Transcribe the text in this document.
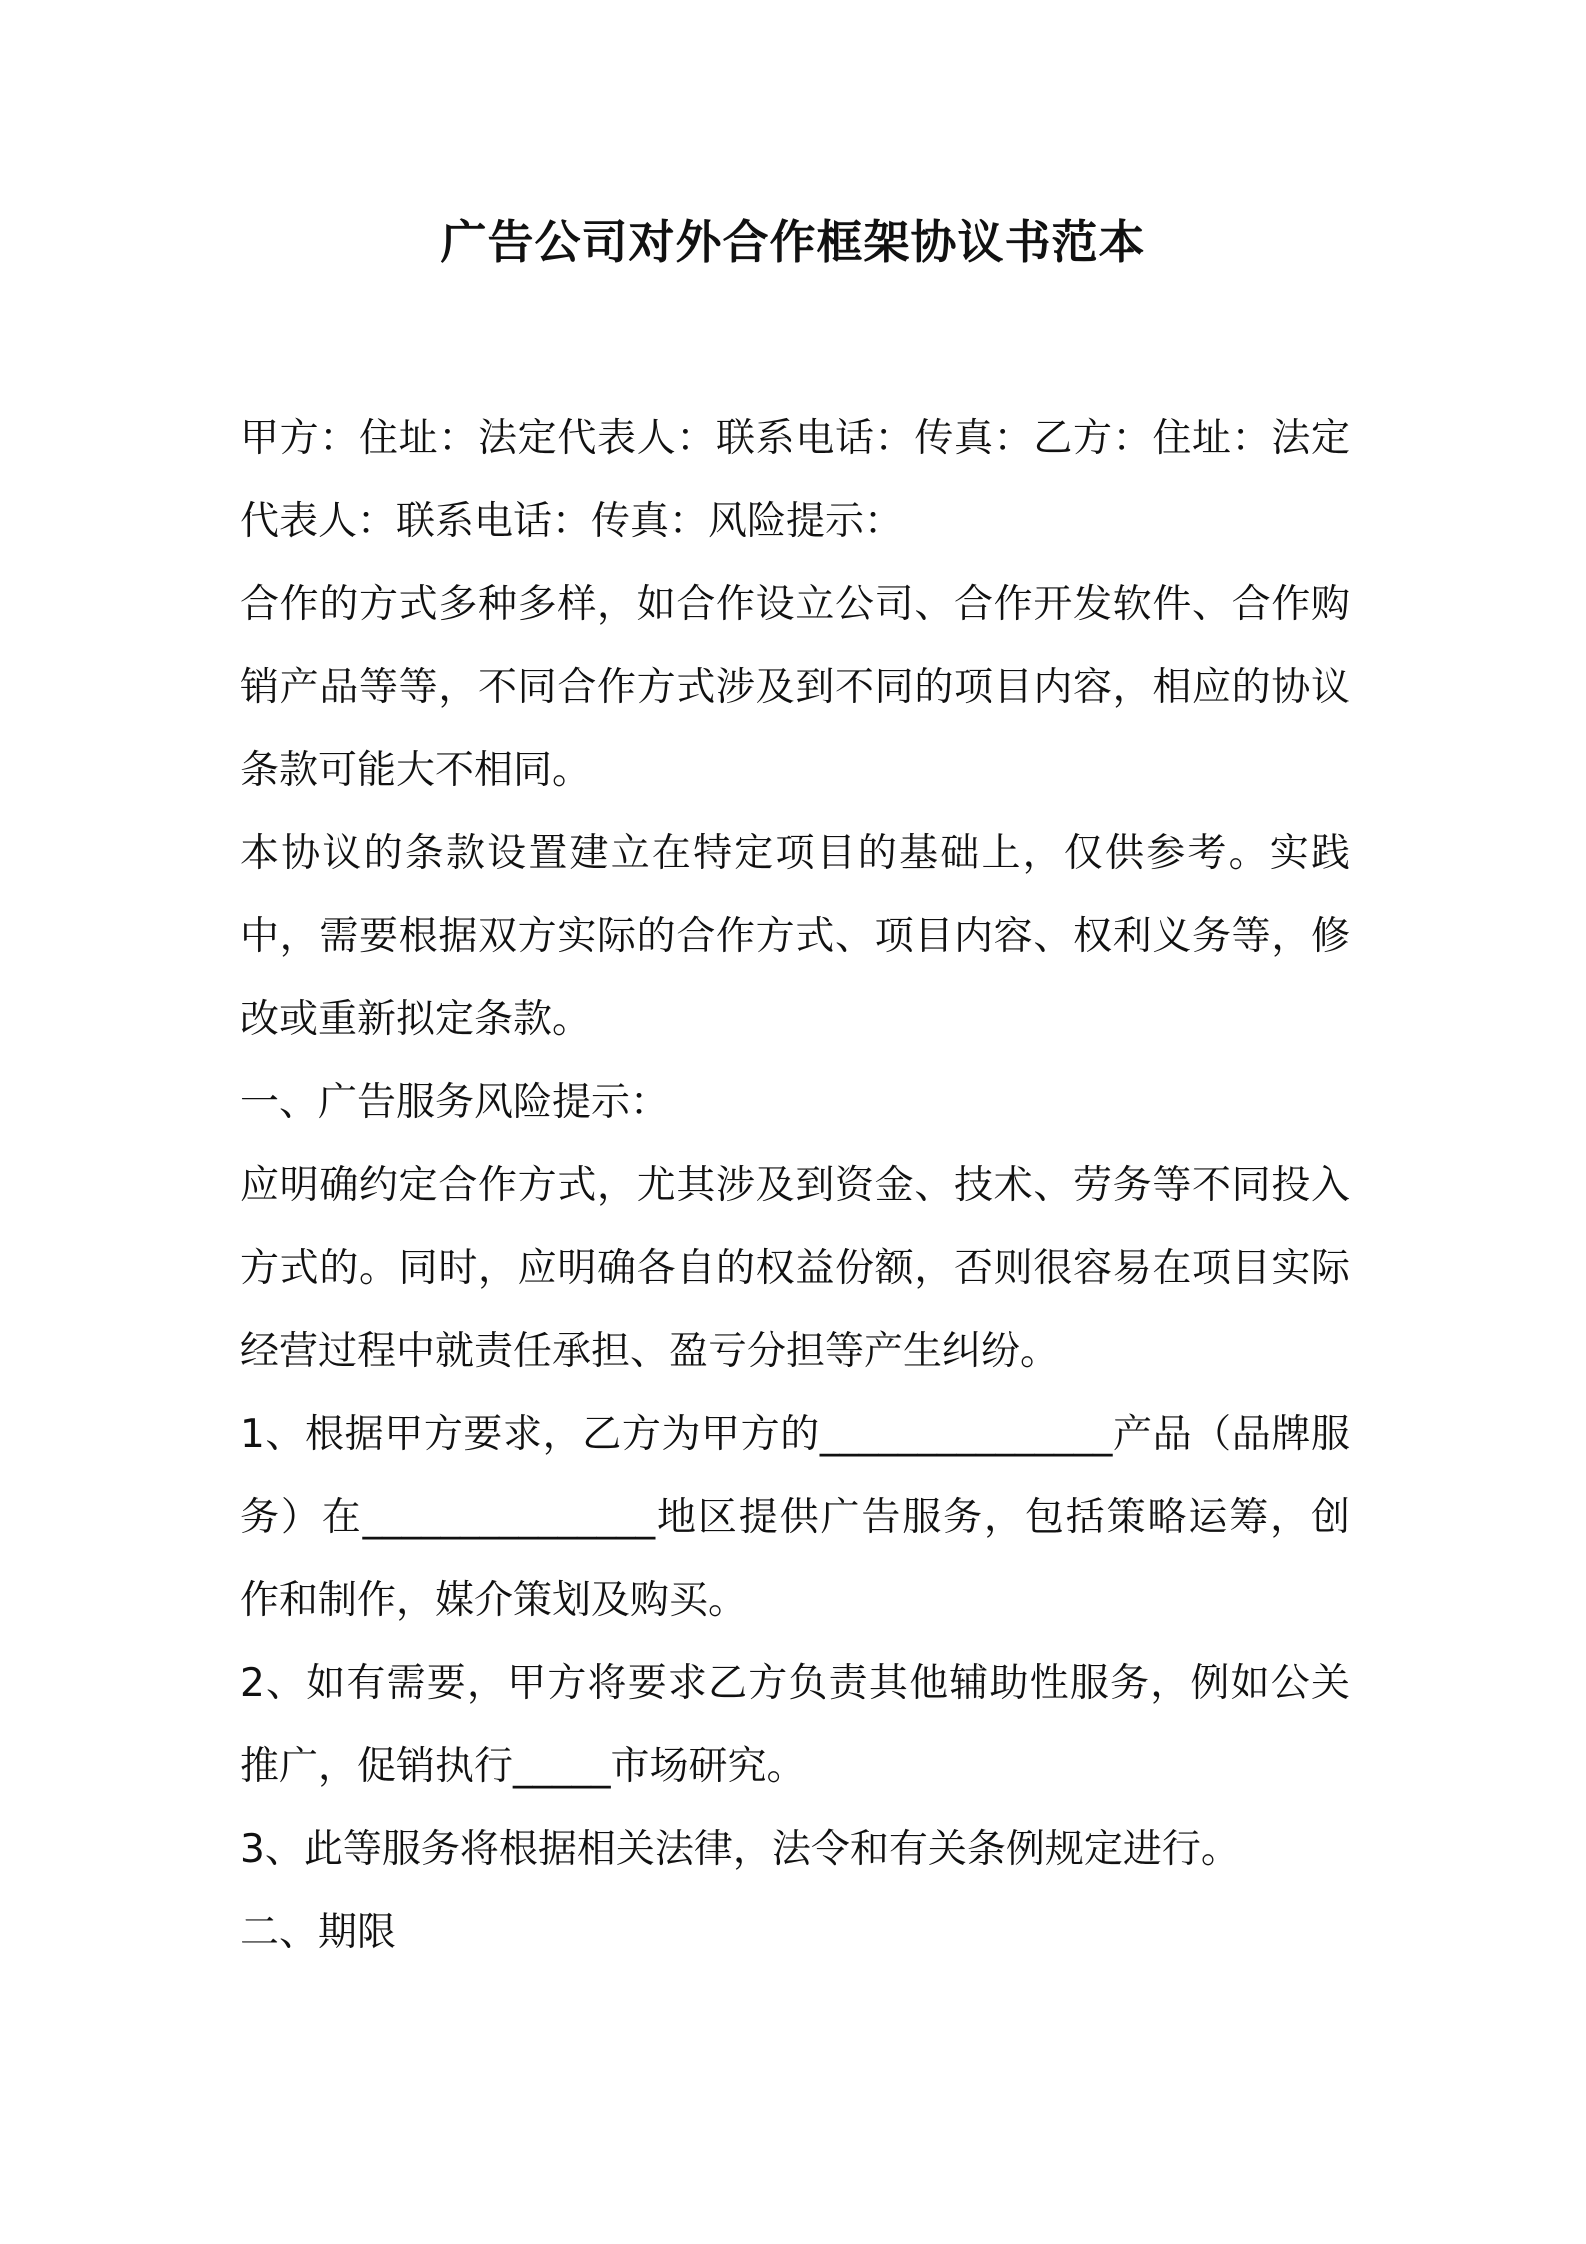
广告公司对外合作框架协议书范本

甲方：住址：法定代表人：联系电话：传真：乙方：住址：法定代表人：联系电话：传真：风险提示：

合作的方式多种多样，如合作设立公司、合作开发软件、合作购销产品等等，不同合作方式涉及到不同的项目内容，相应的协议条款可能大不相同。

本协议的条款设置建立在特定项目的基础上，仅供参考。实践中，需要根据双方实际的合作方式、项目内容、权利义务等，修改或重新拟定条款。

一、广告服务风险提示：

应明确约定合作方式，尤其涉及到资金、技术、劳务等不同投入方式的。同时，应明确各自的权益份额，否则很容易在项目实际经营过程中就责任承担、盈亏分担等产生纠纷。

1、根据甲方要求，乙方为甲方的_______________产品（品牌服务）在_______________地区提供广告服务，包括策略运筹，创作和制作，媒介策划及购买。

2、如有需要，甲方将要求乙方负责其他辅助性服务，例如公关推广，促销执行_____市场研究。

3、此等服务将根据相关法律，法令和有关条例规定进行。

二、期限
